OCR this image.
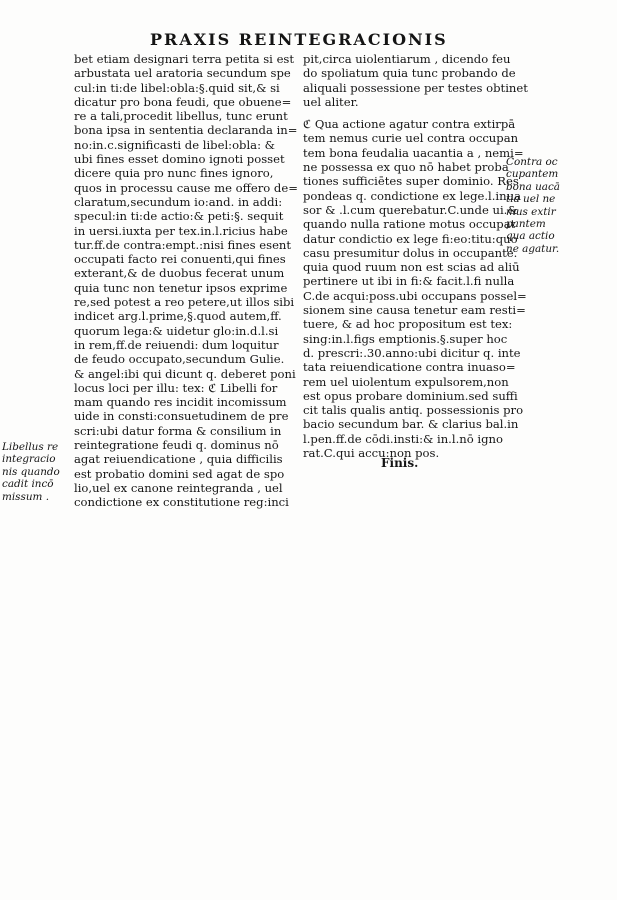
PRAXIS REINTEGRACIONIS
bet etiam designari terra petita si est
arbustata uel aratoria secundum spe
cul:in ti:de libel:obla:§.quid sit,& si
dicatur pro bona feudi, que obuene=
re a tali,procedit libellus, tunc erunt
bona ipsa in sententia declaranda in=
no:in.c.significasti de libel:obla: &
ubi fines esset domino ignoti posset
dicere quia pro nunc fines ignoro,
quos in processu cause me offero de=
claratum,secundum io:and. in addi:
specul:in ti:de actio:& peti:§. sequit
in uersi.iuxta per tex.in.l.ricius habe
tur.ff.de contra:empt.:nisi fines esent
occupati facto rei conuenti,qui fines
exterant,& de duobus fecerat unum
quia tunc non tenetur ipsos exprime
re,sed potest a reo petere,ut illos sibi
indicet arg.l.prime,§.quod autem,ff.
quorum lega:& uidetur glo:in.d.l.si
in rem,ff.de reiuendi: dum loquitur
de feudo occupato,secundum Gulie.
& angel:ibi qui dicunt q. deberet poni
locus loci per illu: tex: ℭ Libelli for
mam quando res incidit incomissum
uide in consti:consuetudinem de pre
scri:ubi datur forma & consilium in
reintegratione feudi q. dominus nō
agat reiuendicatione , quia difficilis
est probatio domini sed agat de spo
lio,uel ex canone reintegranda , uel
condictione ex constitutione reg:inci
pit,circa uiolentiarum , dicendo feu
do spoliatum quia tunc probando de
aliquali possessione per testes obtinet
uel aliter.
ℭ Qua actione agatur contra extirpā
tem nemus curie uel contra occupan
tem bona feudalia uacantia a , nemi=
ne possessa ex quo nō habet proba
tiones sufficiētes super dominio. Res
pondeas q. condictione ex lege.l.inua
sor & .l.cum querebatur.C.unde ui.&
quando nulla ratione motus occupat
datur condictio ex lege fi:eo:titu:quo
casu presumitur dolus in occupante.
quia quod ruum non est scias ad aliū
pertinere ut ibi in fi:& facit.l.fi nulla
C.de acqui:poss.ubi occupans possel=
sionem sine causa tenetur eam resti=
tuere, & ad hoc propositum est tex:
sing:in.l.figs emptionis.§.super hoc
d. prescri:.30.anno:ubi dicitur q. inte
tata reiuendicatione contra inuaso=
rem uel uiolentum expulsorem,non
est opus probare dominium.sed suffi
cit talis qualis antiq. possessionis pro
bacio secundum bar. & clarius bal.in
l.pen.ff.de cōdi.insti:& in.l.nō igno
rat.C.qui accu:non pos.
Contra oc
cupantem
bona uacā
tia uel ne
mus extir
pantem
qua actio
ne agatur.
Libellus re
integracio
nis quando
cadit incō
missum .
Finis.
